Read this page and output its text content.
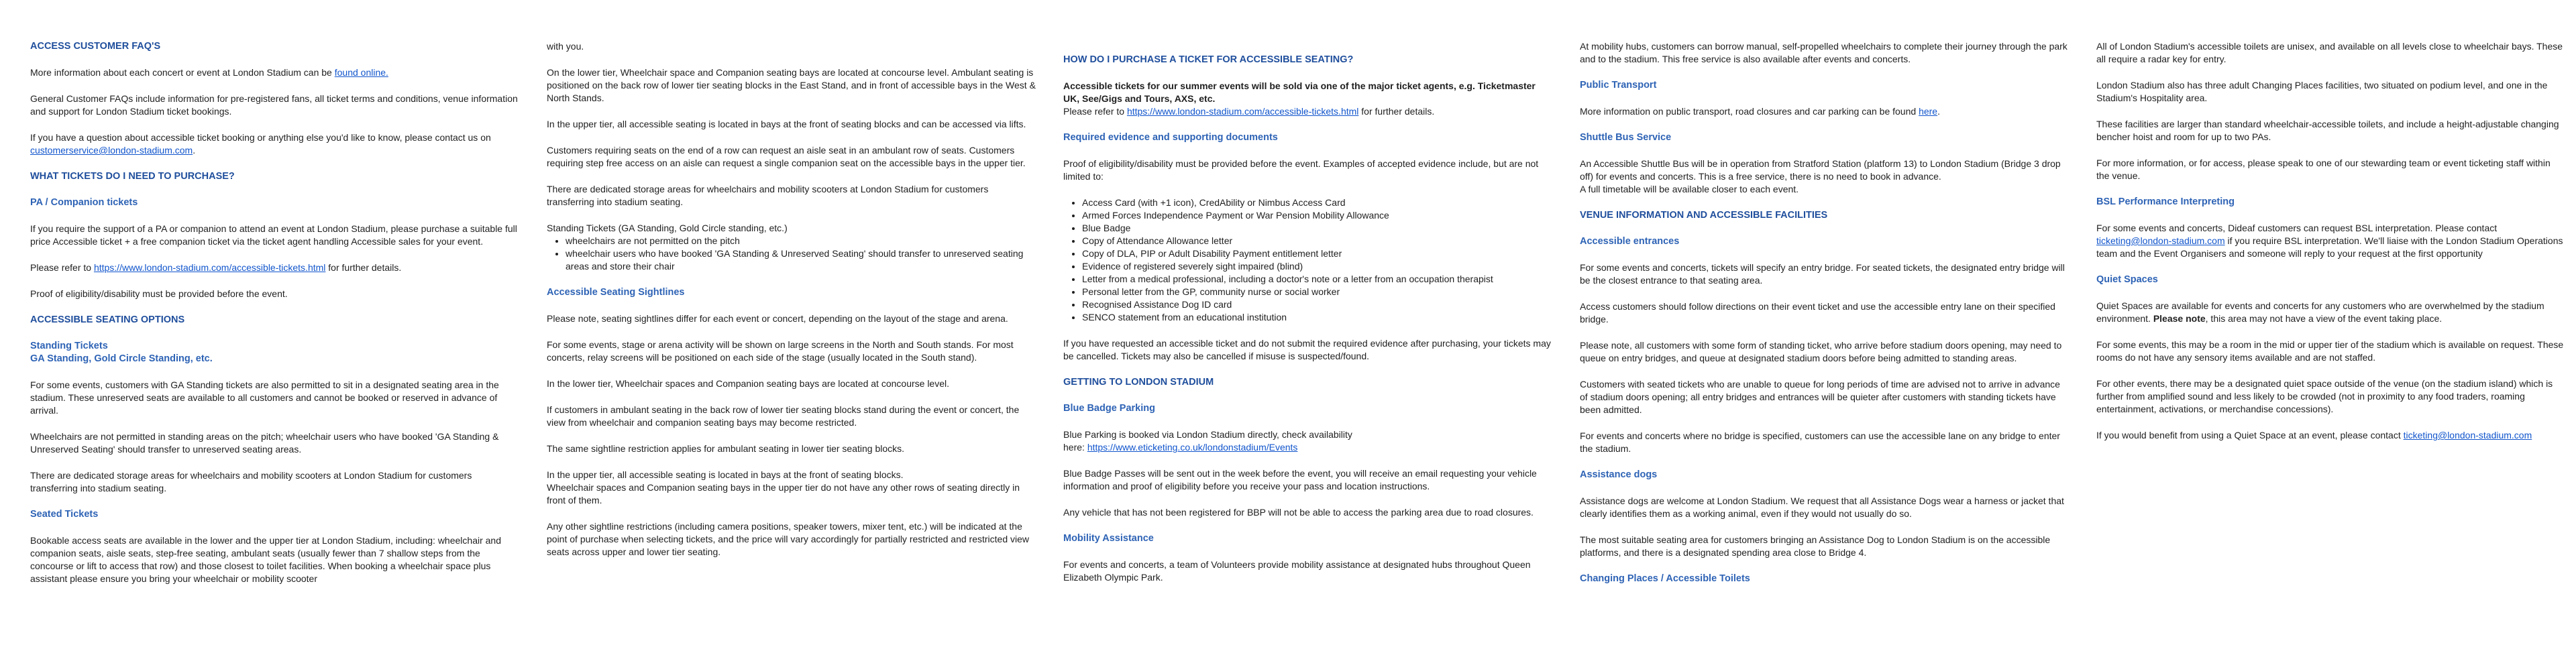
ACCESS CUSTOMER FAQ'S

More information about each concert or event at London Stadium can be found online.

General Customer FAQs include information for pre-registered fans, all ticket terms and conditions, venue information and support for London Stadium ticket bookings.

If you have a question about accessible ticket booking or anything else you'd like to know, please contact us on customerservice@london-stadium.com.

WHAT TICKETS DO I NEED TO PURCHASE?
PA / Companion tickets

If you require the support of a PA or companion to attend an event at London Stadium, please purchase a suitable full price Accessible ticket + a free companion ticket via the ticket agent handling Accessible sales for your event.

Please refer to https://www.london-stadium.com/accessible-tickets.html for further details.

Proof of eligibility/disability must be provided before the event.

ACCESSIBLE SEATING OPTIONS
Standing Tickets
GA Standing, Gold Circle Standing, etc.

For some events, customers with GA Standing tickets are also permitted to sit in a designated seating area in the stadium. These unreserved seats are available to all customers and cannot be booked or reserved in advance of arrival.

Wheelchairs are not permitted in standing areas on the pitch; wheelchair users who have booked 'GA Standing & Unreserved Seating' should transfer to unreserved seating areas.

There are dedicated storage areas for wheelchairs and mobility scooters at London Stadium for customers transferring into stadium seating.

Seated Tickets

Bookable access seats are available in the lower and the upper tier at London Stadium, including: wheelchair and companion seats, aisle seats, step-free seating, ambulant seats (usually fewer than 7 shallow steps from the concourse or lift to access that row) and those closest to toilet facilities. When booking a wheelchair space plus assistant please ensure you bring your wheelchair or mobility scooter

with you.

On the lower tier, Wheelchair space and Companion seating bays are located at concourse level. Ambulant seating is positioned on the back row of lower tier seating blocks in the East Stand, and in front of accessible bays in the West & North Stands.

In the upper tier, all accessible seating is located in bays at the front of seating blocks and can be accessed via lifts.

Customers requiring seats on the end of a row can request an aisle seat in an ambulant row of seats. Customers requiring step free access on an aisle can request a single companion seat on the accessible bays in the upper tier.

There are dedicated storage areas for wheelchairs and mobility scooters at London Stadium for customers transferring into stadium seating.

Standing Tickets (GA Standing, Gold Circle standing, etc.)

• wheelchairs are not permitted on the pitch
• wheelchair users who have booked 'GA Standing & Unreserved Seating' should transfer to unreserved seating areas and store their chair
Accessible Seating Sightlines

Please note, seating sightlines differ for each event or concert, depending on the layout of the stage and arena.

For some events, stage or arena activity will be shown on large screens in the North and South stands. For most concerts, relay screens will be positioned on each side of the stage (usually located in the South stand).

In the lower tier, Wheelchair spaces and Companion seating bays are located at concourse level.

If customers in ambulant seating in the back row of lower tier seating blocks stand during the event or concert, the view from wheelchair and companion seating bays may become restricted.

The same sightline restriction applies for ambulant seating in lower tier seating blocks.

In the upper tier, all accessible seating is located in bays at the front of seating blocks.
Wheelchair spaces and Companion seating bays in the upper tier do not have any other rows of seating directly in front of them.

Any other sightline restrictions (including camera positions, speaker towers, mixer tent, etc.) will be indicated at the point of purchase when selecting tickets, and the price will vary accordingly for partially restricted and restricted view seats across upper and lower tier seating.

HOW DO I PURCHASE A TICKET FOR ACCESSIBLE SEATING?

Accessible tickets for our summer events will be sold via one of the major ticket agents, e.g. Ticketmaster UK, See/Gigs and Tours, AXS, etc.
Please refer to https://www.london-stadium.com/accessible-tickets.html for further details.

Required evidence and supporting documents

Proof of eligibility/disability must be provided before the event. Examples of accepted evidence include, but are not limited to:

• Access Card (with +1 icon), CredAbility or Nimbus Access Card
• Armed Forces Independence Payment or War Pension Mobility Allowance
• Blue Badge
• Copy of Attendance Allowance letter
• Copy of DLA, PIP or Adult Disability Payment entitlement letter
• Evidence of registered severely sight impaired (blind)
• Letter from a medical professional, including a doctor's note or a letter from an occupation therapist
• Personal letter from the GP, community nurse or social worker
• Recognised Assistance Dog ID card
• SENCO statement from an educational institution

If you have requested an accessible ticket and do not submit the required evidence after purchasing, your tickets may be cancelled. Tickets may also be cancelled if misuse is suspected/found.

GETTING TO LONDON STADIUM
Blue Badge Parking

Blue Parking is booked via London Stadium directly, check availability
here: https://www.eticketing.co.uk/londonstadium/Events

Blue Badge Passes will be sent out in the week before the event, you will receive an email requesting your vehicle information and proof of eligibility before you receive your pass and location instructions.

Any vehicle that has not been registered for BBP will not be able to access the parking area due to road closures.

Mobility Assistance

For events and concerts, a team of Volunteers provide mobility assistance at designated hubs throughout Queen Elizabeth Olympic Park.

At mobility hubs, customers can borrow manual, self-propelled wheelchairs to complete their journey through the park and to the stadium. This free service is also available after events and concerts.

Public Transport

More information on public transport, road closures and car parking can be found here.

Shuttle Bus Service

An Accessible Shuttle Bus will be in operation from Stratford Station (platform 13) to London Stadium (Bridge 3 drop off) for events and concerts. This is a free service, there is no need to book in advance.
A full timetable will be available closer to each event.

VENUE INFORMATION AND ACCESSIBLE FACILITIES
Accessible entrances

For some events and concerts, tickets will specify an entry bridge. For seated tickets, the designated entry bridge will be the closest entrance to that seating area.

Access customers should follow directions on their event ticket and use the accessible entry lane on their specified bridge.

Please note, all customers with some form of standing ticket, who arrive before stadium doors opening, may need to queue on entry bridges, and queue at designated stadium doors before being admitted to standing areas.

Customers with seated tickets who are unable to queue for long periods of time are advised not to arrive in advance of stadium doors opening; all entry bridges and entrances will be quieter after customers with standing tickets have been admitted.

For events and concerts where no bridge is specified, customers can use the accessible lane on any bridge to enter the stadium.

Assistance dogs

Assistance dogs are welcome at London Stadium. We request that all Assistance Dogs wear a harness or jacket that clearly identifies them as a working animal, even if they would not usually do so.

The most suitable seating area for customers bringing an Assistance Dog to London Stadium is on the accessible platforms, and there is a designated spending area close to Bridge 4.

Changing Places / Accessible Toilets

All of London Stadium's accessible toilets are unisex, and available on all levels close to wheelchair bays. These all require a radar key for entry.

London Stadium also has three adult Changing Places facilities, two situated on podium level, and one in the Stadium's Hospitality area.

These facilities are larger than standard wheelchair-accessible toilets, and include a height-adjustable changing bencher hoist and room for up to two PAs.

For more information, or for access, please speak to one of our stewarding team or event ticketing staff within the venue.

BSL Performance Interpreting

For some events and concerts, Dideaf customers can request BSL interpretation. Please contact ticketing@london-stadium.com if you require BSL interpretation. We'll liaise with the London Stadium Operations team and the Event Organisers and someone will reply to your request at the first opportunity

Quiet Spaces

Quiet Spaces are available for events and concerts for any customers who are overwhelmed by the stadium environment. Please note, this area may not have a view of the event taking place.

For some events, this may be a room in the mid or upper tier of the stadium which is available on request. These rooms do not have any sensory items available and are not staffed.

For other events, there may be a designated quiet space outside of the venue (on the stadium island) which is further from amplified sound and less likely to be crowded (not in proximity to any food traders, roaming entertainment, activations, or merchandise concessions).

If you would benefit from using a Quiet Space at an event, please contact ticketing@london-stadium.com
